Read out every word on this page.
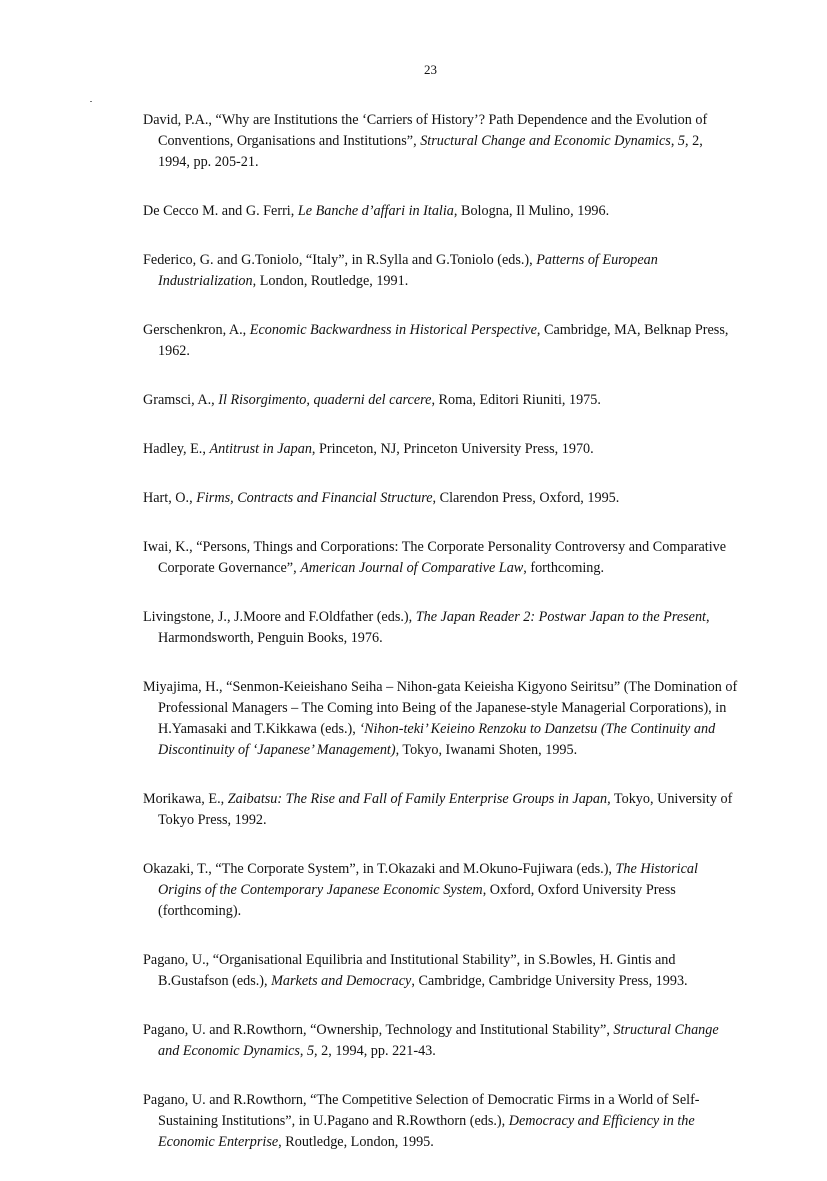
23

David, P.A., “Why are Institutions the ‘Carriers of History’? Path Dependence and the Evolution of Conventions, Organisations and Institutions”, Structural Change and Economic Dynamics, 5, 2, 1994, pp. 205-21.

De Cecco M. and G. Ferri, Le Banche d’affari in Italia, Bologna, Il Mulino, 1996.

Federico, G. and G.Toniolo, “Italy”, in R.Sylla and G.Toniolo (eds.), Patterns of European Industrialization, London, Routledge, 1991.

Gerschenkron, A., Economic Backwardness in Historical Perspective, Cambridge, MA, Belknap Press, 1962.

Gramsci, A., Il Risorgimento, quaderni del carcere, Roma, Editori Riuniti, 1975.

Hadley, E., Antitrust in Japan, Princeton, NJ, Princeton University Press, 1970.

Hart, O., Firms, Contracts and Financial Structure, Clarendon Press, Oxford, 1995.

Iwai, K., “Persons, Things and Corporations: The Corporate Personality Controversy and Comparative Corporate Governance”, American Journal of Comparative Law, forthcoming.

Livingstone, J., J.Moore and F.Oldfather (eds.), The Japan Reader 2: Postwar Japan to the Present, Harmondsworth, Penguin Books, 1976.

Miyajima, H., “Senmon-Keieishano Seiha – Nihon-gata Keieisha Kigyono Seiritsu” (The Domination of Professional Managers – The Coming into Being of the Japanese-style Managerial Corporations), in H.Yamasaki and T.Kikkawa (eds.), ‘Nihon-teki’ Keieino Renzoku to Danzetsu (The Continuity and Discontinuity of ‘Japanese’ Management), Tokyo, Iwanami Shoten, 1995.

Morikawa, E., Zaibatsu: The Rise and Fall of Family Enterprise Groups in Japan, Tokyo, University of Tokyo Press, 1992.

Okazaki, T., “The Corporate System”, in T.Okazaki and M.Okuno-Fujiwara (eds.), The Historical Origins of the Contemporary Japanese Economic System, Oxford, Oxford University Press (forthcoming).

Pagano, U., “Organisational Equilibria and Institutional Stability”, in S.Bowles, H. Gintis and B.Gustafson (eds.), Markets and Democracy, Cambridge, Cambridge University Press, 1993.

Pagano, U. and R.Rowthorn, “Ownership, Technology and Institutional Stability”, Structural Change and Economic Dynamics, 5, 2, 1994, pp. 221-43.

Pagano, U. and R.Rowthorn, “The Competitive Selection of Democratic Firms in a World of Self-Sustaining Institutions”, in U.Pagano and R.Rowthorn (eds.), Democracy and Efficiency in the Economic Enterprise, Routledge, London, 1995.
